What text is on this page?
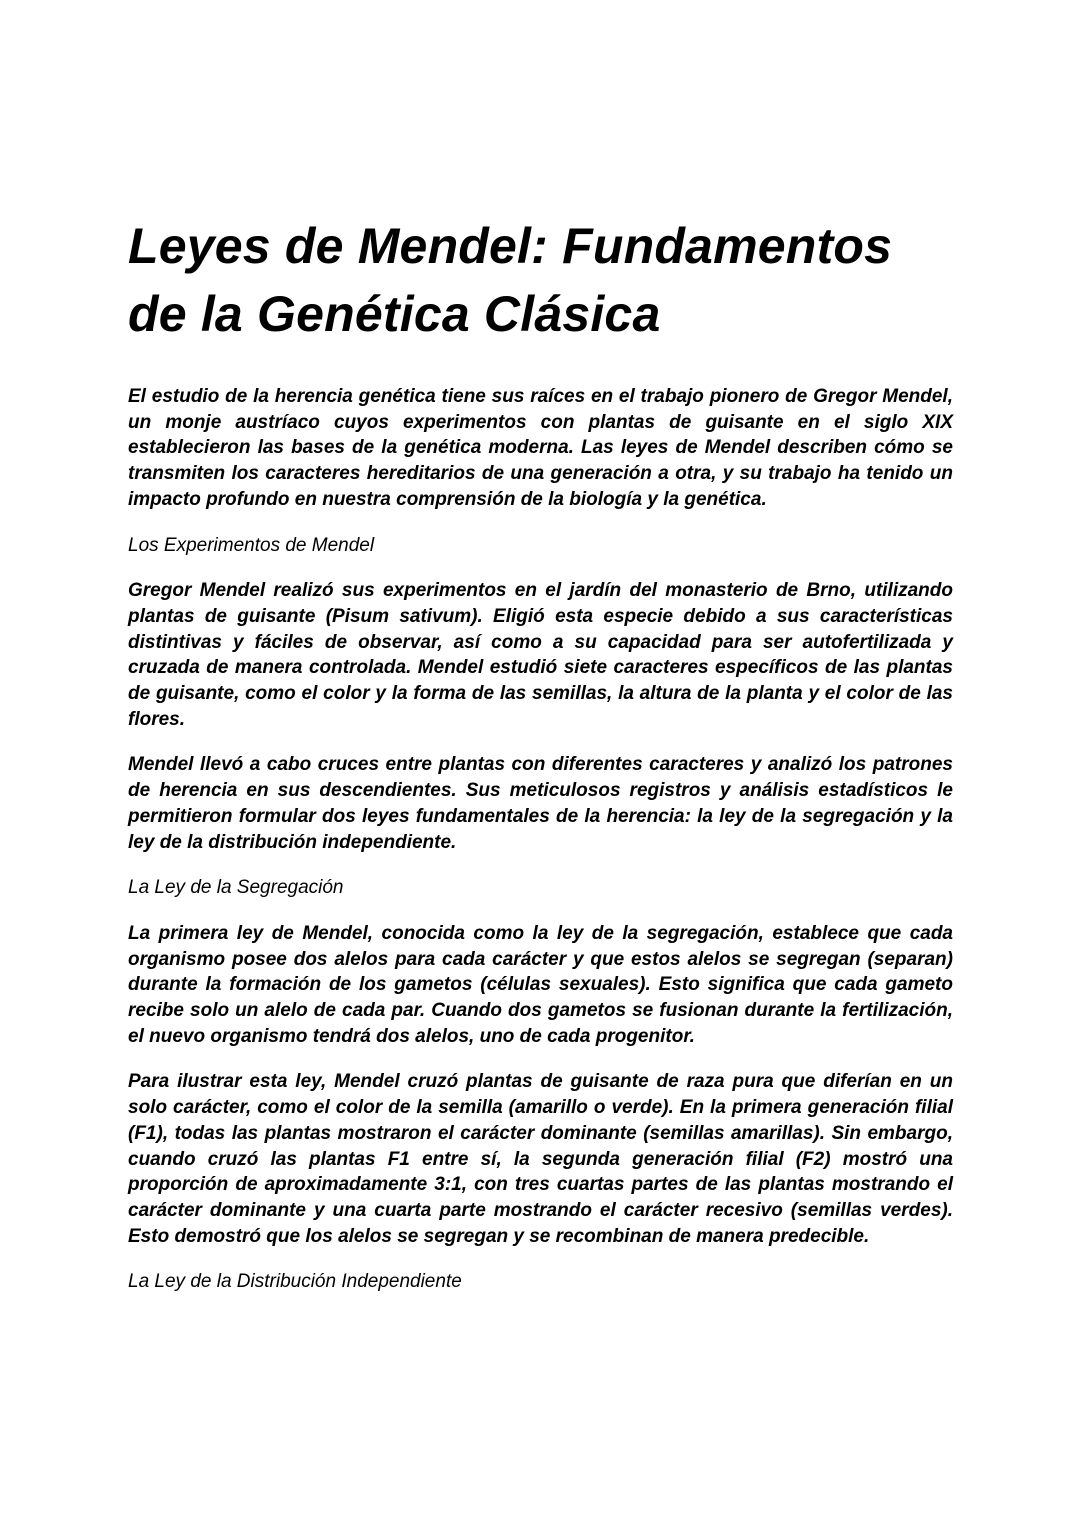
Leyes de Mendel: Fundamentos de la Genética Clásica

El estudio de la herencia genética tiene sus raíces en el trabajo pionero de Gregor Mendel, un monje austríaco cuyos experimentos con plantas de guisante en el siglo XIX establecieron las bases de la genética moderna. Las leyes de Mendel describen cómo se transmiten los caracteres hereditarios de una generación a otra, y su trabajo ha tenido un impacto profundo en nuestra comprensión de la biología y la genética.

Los Experimentos de Mendel

Gregor Mendel realizó sus experimentos en el jardín del monasterio de Brno, utilizando plantas de guisante (Pisum sativum). Eligió esta especie debido a sus características distintivas y fáciles de observar, así como a su capacidad para ser autofertilizada y cruzada de manera controlada. Mendel estudió siete caracteres específicos de las plantas de guisante, como el color y la forma de las semillas, la altura de la planta y el color de las flores.

Mendel llevó a cabo cruces entre plantas con diferentes caracteres y analizó los patrones de herencia en sus descendientes. Sus meticulosos registros y análisis estadísticos le permitieron formular dos leyes fundamentales de la herencia: la ley de la segregación y la ley de la distribución independiente.

La Ley de la Segregación

La primera ley de Mendel, conocida como la ley de la segregación, establece que cada organismo posee dos alelos para cada carácter y que estos alelos se segregan (separan) durante la formación de los gametos (células sexuales). Esto significa que cada gameto recibe solo un alelo de cada par. Cuando dos gametos se fusionan durante la fertilización, el nuevo organismo tendrá dos alelos, uno de cada progenitor.

Para ilustrar esta ley, Mendel cruzó plantas de guisante de raza pura que diferían en un solo carácter, como el color de la semilla (amarillo o verde). En la primera generación filial (F1), todas las plantas mostraron el carácter dominante (semillas amarillas). Sin embargo, cuando cruzó las plantas F1 entre sí, la segunda generación filial (F2) mostró una proporción de aproximadamente 3:1, con tres cuartas partes de las plantas mostrando el carácter dominante y una cuarta parte mostrando el carácter recesivo (semillas verdes). Esto demostró que los alelos se segregan y se recombinan de manera predecible.

La Ley de la Distribución Independiente
